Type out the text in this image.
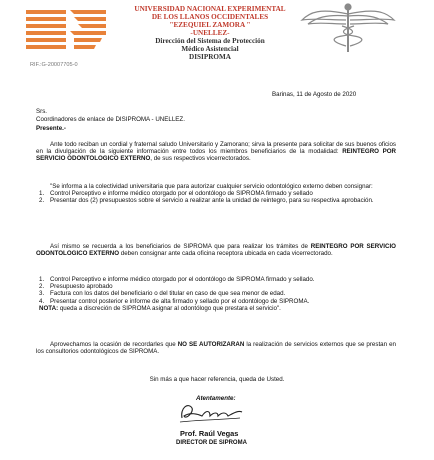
RIF.:G-20007705-0
UNIVERSIDAD NACIONAL EXPERIMENTAL
DE LOS LLANOS OCCIDENTALES
"EZEQUIEL ZAMORA "
-UNELLEZ-
Dirección del Sistema de Protección
Médico Asistencial
DISIPROMA
Barinas, 11 de Agosto de 2020
Srs.
Coordinadores de enlace de DISIPROMA - UNELLEZ.
Presente.-
Ante todo reciban un cordial y fraternal saludo Universitario y Zamorano; sirva la presente para solicitar de sus buenos oficios en la divulgación de la siguiente información entre todos los miembros beneficiarios de la modalidad: REINTEGRO POR SERVICIO ODONTOLOGICO EXTERNO, de sus respectivos vicerrectorados.
"Se informa a la colectividad universitaria que para autorizar cualquier servicio odontológico externo deben consignar:
1. Control Perceptivo e informe médico otorgado por el odontólogo de SIPROMA firmado y sellado
2. Presentar dos (2) presupuestos sobre el servicio a realizar ante la unidad de reintegro, para su respectiva aprobación.
Así mismo se recuerda a los beneficiarios de SIPROMA que para realizar los trámites de REINTEGRO POR SERVICIO ODONTOLOGICO EXTERNO deben consignar ante cada oficina receptora ubicada en cada vicerrectorado.
1. Control Perceptivo e informe médico otorgado por el odontólogo de SIPROMA firmado y sellado.
2. Presupuesto aprobado
3. Factura con los datos del beneficiario o del titular en caso de que sea menor de edad.
4. Presentar control posterior e informe de alta firmado y sellado por el odontólogo de SIPROMA.
NOTA: queda a discreción de SIPROMA asignar al odontólogo que prestara el servicio".
Aprovechamos la ocasión de recordarles que NO SE AUTORIZARAN la realización de servicios externos que se prestan en los consultorios odontológicos de SIPROMA.
Sin más a que hacer referencia, queda de Usted.
Atentamente:
Prof. Raúl Vegas
DIRECTOR DE SIPROMA
